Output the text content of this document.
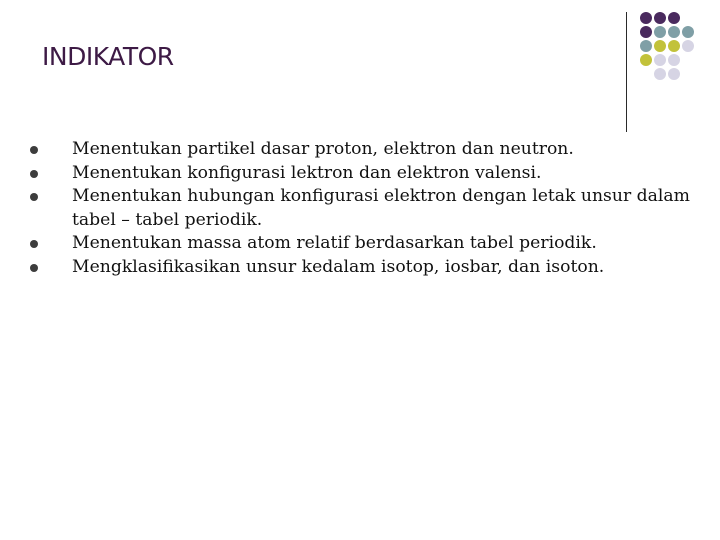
INDIKATOR
Menentukan partikel dasar proton, elektron dan neutron.
Menentukan konfigurasi lektron dan elektron valensi.
Menentukan hubungan konfigurasi elektron dengan letak unsur dalam tabel – tabel periodik.
Menentukan massa atom relatif berdasarkan tabel periodik.
Mengklasifikasikan unsur kedalam isotop, iosbar, dan isoton.
